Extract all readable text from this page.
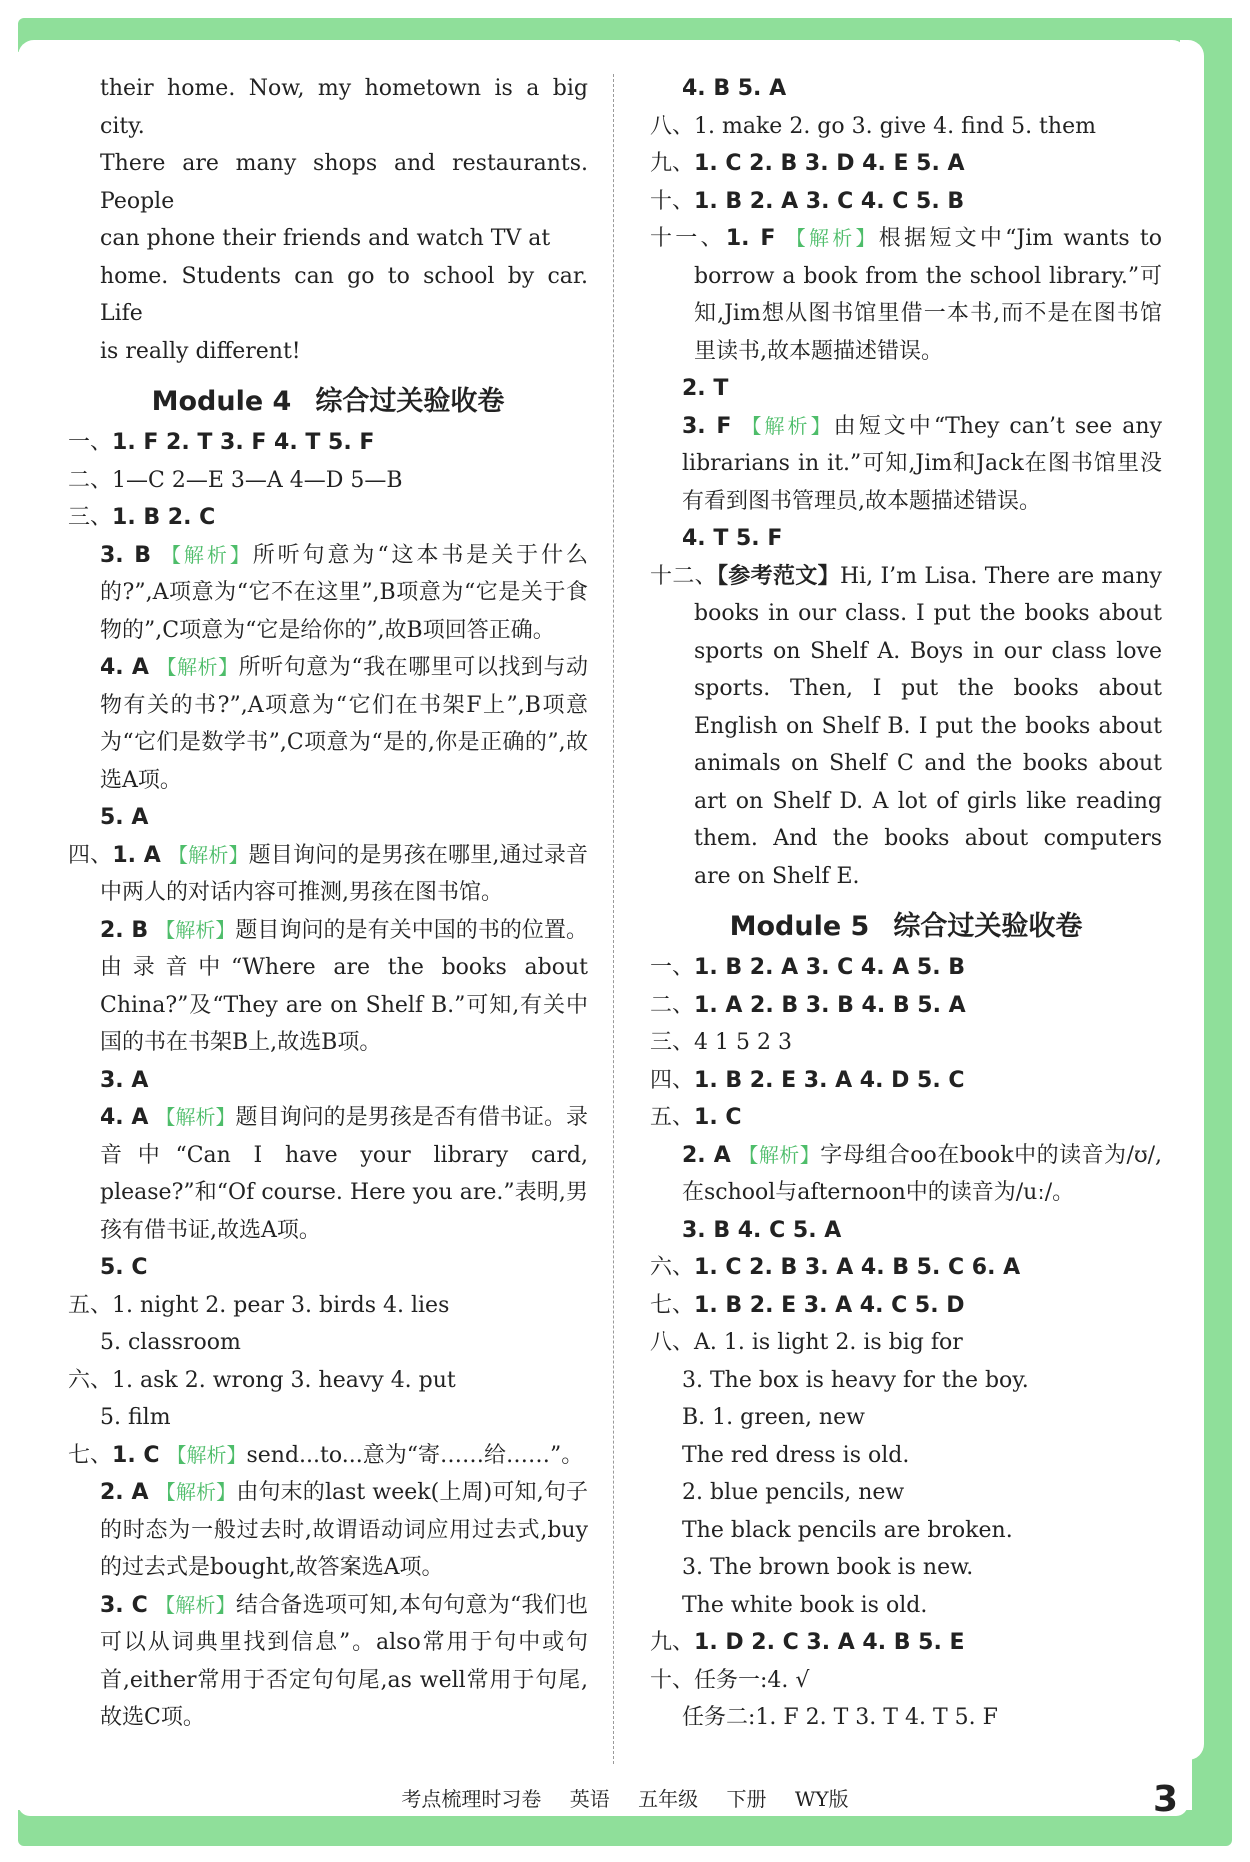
their home. Now, my hometown is a big city.

There are many shops and restaurants. People

can phone their friends and watch TV at

home. Students can go to school by car. Life

is really different!

Module 4 综合过关验收卷

一、1. F 2. T 3. F 4. T 5. F

二、1—C 2—E 3—A 4—D 5—B

三、1. B 2. C

3. B 【解析】所听句意为“这本书是关于什么的?”,A项意为“它不在这里”,B项意为“它是关于食物的”,C项意为“它是给你的”,故B项回答正确。

4. A 【解析】所听句意为“我在哪里可以找到与动物有关的书?”,A项意为“它们在书架F上”,B项意为“它们是数学书”,C项意为“是的,你是正确的”,故选A项。

5. A

四、1. A 【解析】题目询问的是男孩在哪里,通过录音中两人的对话内容可推测,男孩在图书馆。

2. B 【解析】题目询问的是有关中国的书的位置。由录音中“Where are the books about China?”及“They are on Shelf B.”可知,有关中国的书在书架B上,故选B项。

3. A

4. A 【解析】题目询问的是男孩是否有借书证。录音中“Can I have your library card, please?”和“Of course. Here you are.”表明,男孩有借书证,故选A项。

5. C

五、1. night 2. pear 3. birds 4. lies

5. classroom

六、1. ask 2. wrong 3. heavy 4. put

5. film

七、1. C 【解析】send...to...意为“寄……给……”。

2. A 【解析】由句末的last week(上周)可知,句子的时态为一般过去时,故谓语动词应用过去式,buy的过去式是bought,故答案选A项。

3. C 【解析】结合备选项可知,本句句意为“我们也可以从词典里找到信息”。also常用于句中或句首,either常用于否定句句尾,as well常用于句尾,故选C项。

4. B 5. A

八、1. make 2. go 3. give 4. find 5. them

九、1. C 2. B 3. D 4. E 5. A

十、1. B 2. A 3. C 4. C 5. B

十一、1. F 【解析】根据短文中“Jim wants to borrow a book from the school library.”可知,Jim想从图书馆里借一本书,而不是在图书馆里读书,故本题描述错误。

2. T

3. F 【解析】由短文中“They can’t see any librarians in it.”可知,Jim和Jack在图书馆里没有看到图书管理员,故本题描述错误。

4. T 5. F

十二、【参考范文】Hi, I’m Lisa. There are many books in our class. I put the books about sports on Shelf A. Boys in our class love sports. Then, I put the books about English on Shelf B. I put the books about animals on Shelf C and the books about art on Shelf D. A lot of girls like reading them. And the books about computers are on Shelf E.

Module 5 综合过关验收卷

一、1. B 2. A 3. C 4. A 5. B

二、1. A 2. B 3. B 4. B 5. A

三、4 1 5 2 3

四、1. B 2. E 3. A 4. D 5. C

五、1. C

2. A 【解析】字母组合oo在book中的读音为/ʊ/,在school与afternoon中的读音为/uː/。

3. B 4. C 5. A

六、1. C 2. B 3. A 4. B 5. C 6. A

七、1. B 2. E 3. A 4. C 5. D

八、A. 1. is light 2. is big for

3. The box is heavy for the boy.

B. 1. green, new

The red dress is old.

2. blue pencils, new

The black pencils are broken.

3. The brown book is new.

The white book is old.

九、1. D 2. C 3. A 4. B 5. E

十、任务一:4. √

任务二:1. F 2. T 3. T 4. T 5. F

考点梳理时习卷 英语 五年级 下册 WY版	3
